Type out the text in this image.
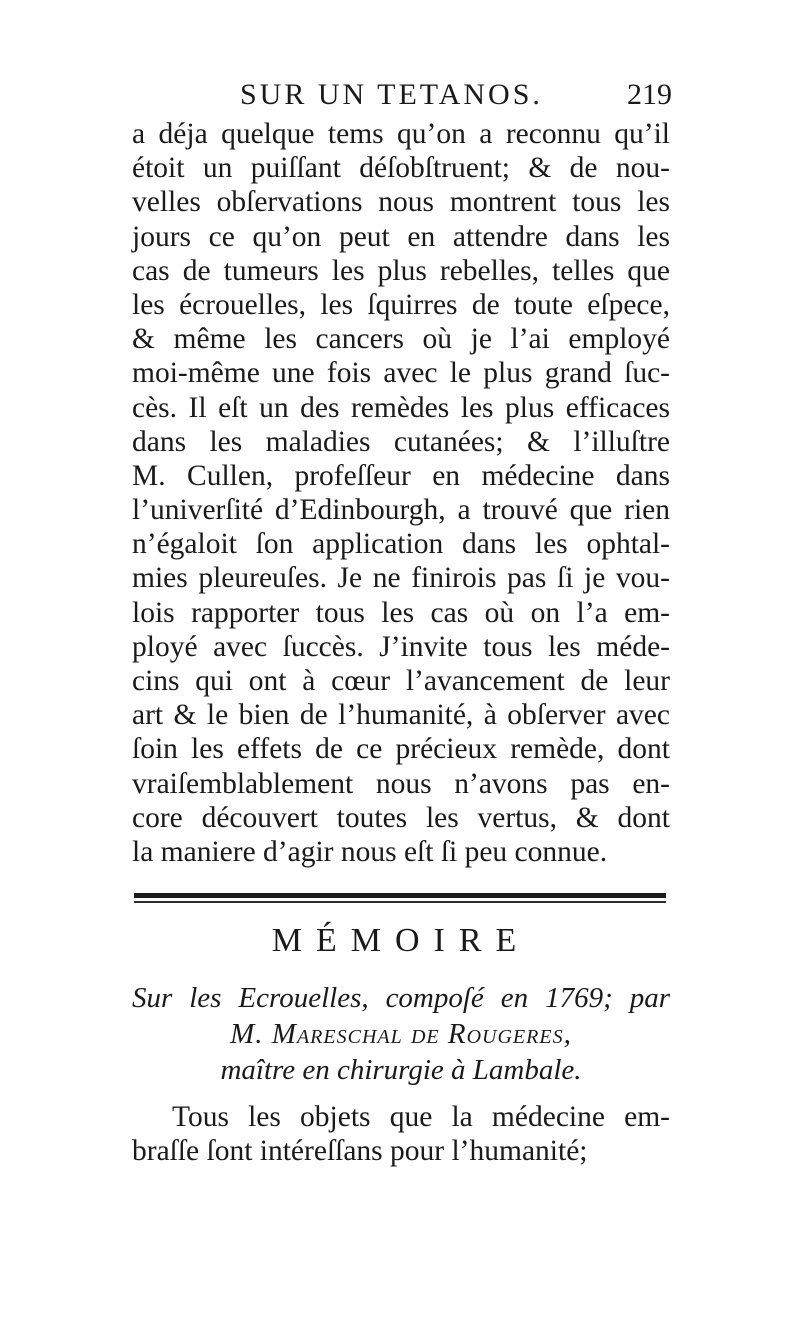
SUR UN TETANOS.	219
a déja quelque tems qu’on a reconnu qu’il
étoit un puiſſant déſobſtruent; & de nou-
velles obſervations nous montrent tous les
jours ce qu’on peut en attendre dans les
cas de tumeurs les plus rebelles, telles que
les écrouelles, les ſquirres de toute eſpece,
& même les cancers où je l’ai employé
moi-même une fois avec le plus grand ſuc-
cès. Il eſt un des remèdes les plus efficaces
dans les maladies cutanées; & l’illuſtre
M. Cullen, profeſſeur en médecine dans
l’univerſité d’Edinbourgh, a trouvé que rien
n’égaloit ſon application dans les ophtal-
mies pleureuſes. Je ne finirois pas ſi je vou-
lois rapporter tous les cas où on l’a em-
ployé avec ſuccès. J’invite tous les méde-
cins qui ont à cœur l’avancement de leur
art & le bien de l’humanité, à obſerver avec
ſoin les effets de ce précieux remède, dont
vraiſemblablement nous n’avons pas en-
core découvert toutes les vertus, & dont
la maniere d’agir nous eſt ſi peu connue.
MÉMOIRE
Sur les Ecrouelles, compoſé en 1769; par
M. Mareschal de Rougeres,
maître en chirurgie à Lambale.
Tous les objets que la médecine em-
braſſe ſont intéreſſans pour l’humanité;
